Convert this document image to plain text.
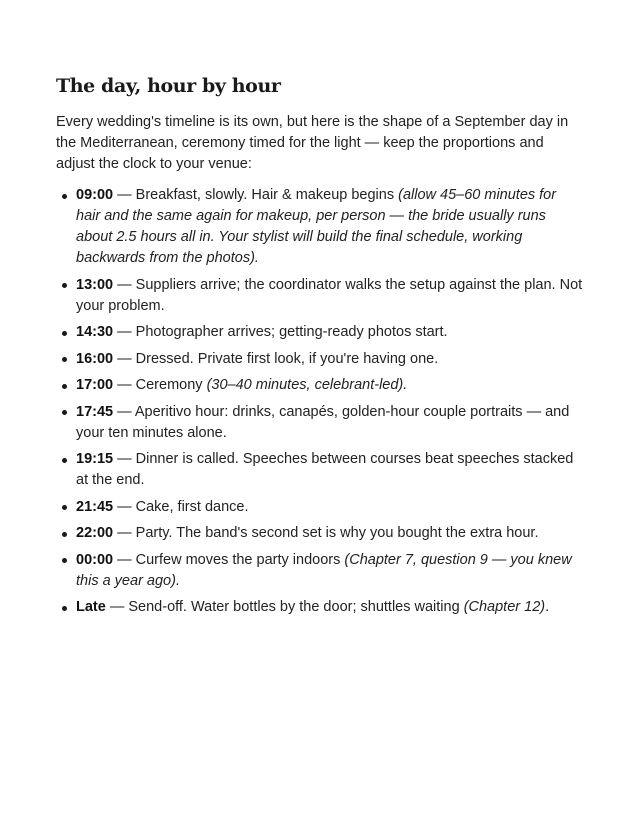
The day, hour by hour

Every wedding's timeline is its own, but here is the shape of a September day in the Mediterranean, ceremony timed for the light — keep the proportions and adjust the clock to your venue:

09:00 — Breakfast, slowly. Hair & makeup begins (allow 45–60 minutes for hair and the same again for makeup, per person — the bride usually runs about 2.5 hours all in. Your stylist will build the final schedule, working backwards from the photos).
13:00 — Suppliers arrive; the coordinator walks the setup against the plan. Not your problem.
14:30 — Photographer arrives; getting-ready photos start.
16:00 — Dressed. Private first look, if you're having one.
17:00 — Ceremony (30–40 minutes, celebrant-led).
17:45 — Aperitivo hour: drinks, canapés, golden-hour couple portraits — and your ten minutes alone.
19:15 — Dinner is called. Speeches between courses beat speeches stacked at the end.
21:45 — Cake, first dance.
22:00 — Party. The band's second set is why you bought the extra hour.
00:00 — Curfew moves the party indoors (Chapter 7, question 9 — you knew this a year ago).
Late — Send-off. Water bottles by the door; shuttles waiting (Chapter 12).
